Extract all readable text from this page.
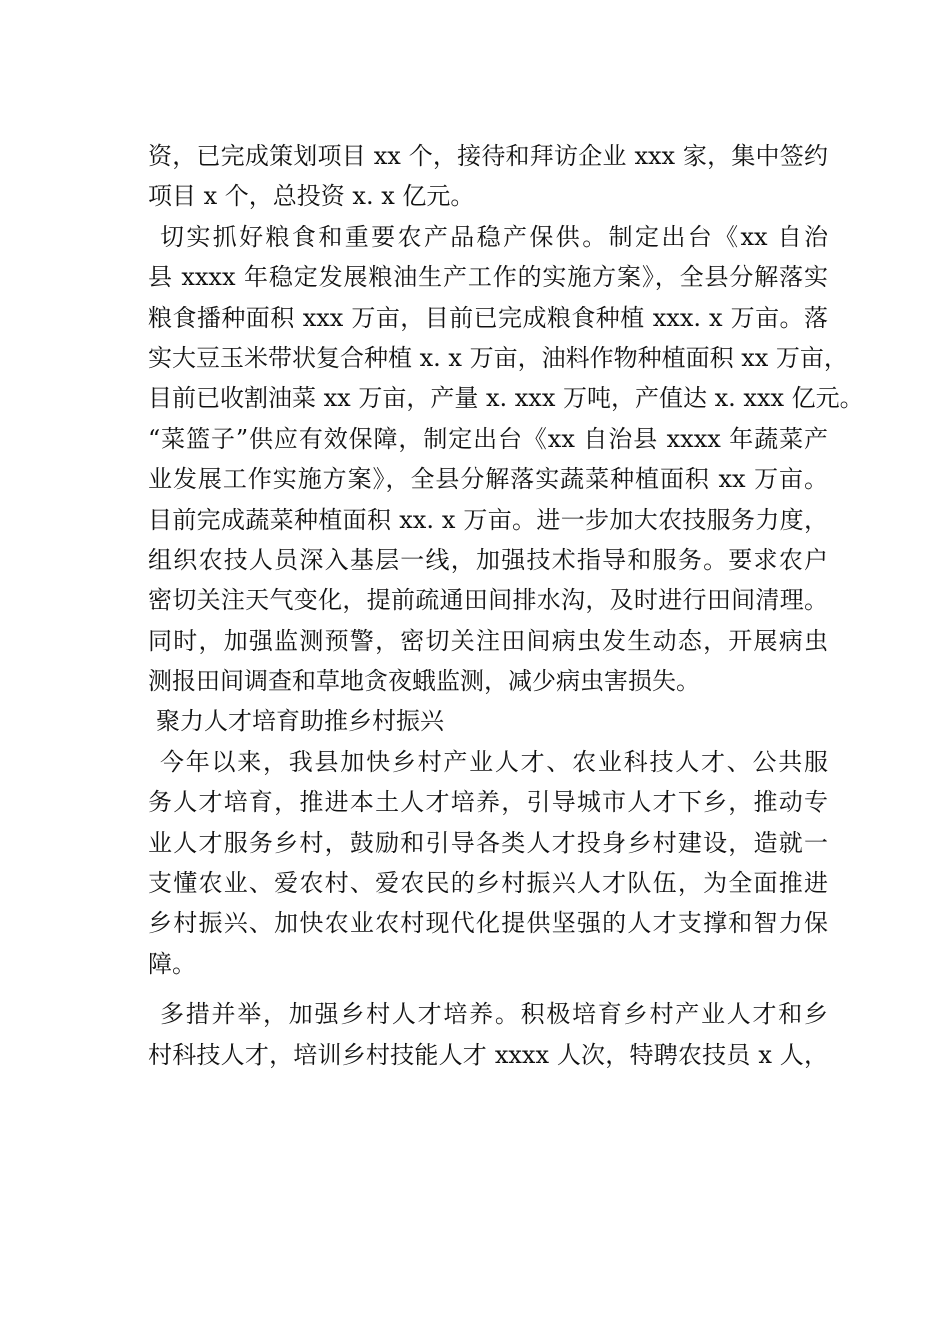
资，已完成策划项目 xx 个，接待和拜访企业 xxx 家，集中签约
项目 x 个，总投资 x. x 亿元。
切实抓好粮食和重要农产品稳产保供。制定出台《xx 自治
县 xxxx 年稳定发展粮油生产工作的实施方案》，全县分解落实
粮食播种面积 xxx 万亩，目前已完成粮食种植 xxx. x 万亩。落
实大豆玉米带状复合种植 x. x 万亩，油料作物种植面积 xx 万亩，
目前已收割油菜 xx 万亩，产量 x. xxx 万吨，产值达 x. xxx 亿元。
“菜篮子”供应有效保障，制定出台《xx 自治县 xxxx 年蔬菜产
业发展工作实施方案》，全县分解落实蔬菜种植面积 xx 万亩。
目前完成蔬菜种植面积 xx. x 万亩。进一步加大农技服务力度，
组织农技人员深入基层一线，加强技术指导和服务。要求农户
密切关注天气变化，提前疏通田间排水沟，及时进行田间清理。
同时，加强监测预警，密切关注田间病虫发生动态，开展病虫
测报田间调查和草地贪夜蛾监测，减少病虫害损失。
聚力人才培育助推乡村振兴
今年以来，我县加快乡村产业人才、农业科技人才、公共服
务人才培育，推进本土人才培养，引导城市人才下乡，推动专
业人才服务乡村，鼓励和引导各类人才投身乡村建设，造就一
支懂农业、爱农村、爱农民的乡村振兴人才队伍，为全面推进
乡村振兴、加快农业农村现代化提供坚强的人才支撑和智力保
障。
多措并举，加强乡村人才培养。积极培育乡村产业人才和乡
村科技人才，培训乡村技能人才 xxxx 人次，特聘农技员 x 人，
